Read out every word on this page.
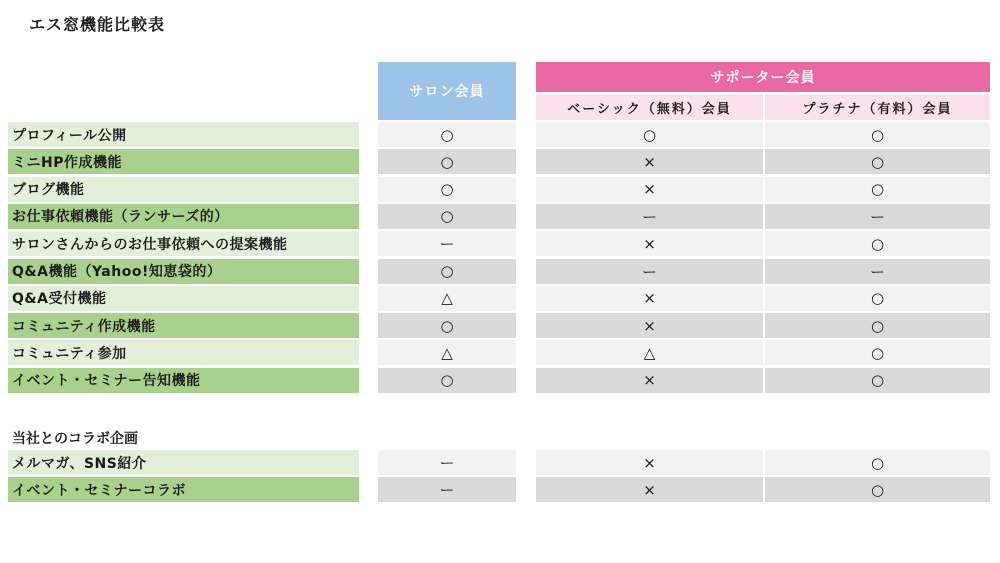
エス窓機能比較表
サロン会員
サポーター会員
ベーシック（無料）会員	プラチナ（有料）会員
プロフィール公開	○	○	○
ミニHP作成機能	○	×	○
ブログ機能	○	×	○
お仕事依頼機能（ランサーズ的）	○	ー	ー
サロンさんからのお仕事依頼への提案機能	ー	×	○
Q&A機能（Yahoo!知恵袋的）	○	ー	ー
Q&A受付機能	△	×	○
コミュニティ作成機能	○	×	○
コミュニティ参加	△	△	○
イベント・セミナー告知機能	○	×	○
当社とのコラボ企画
メルマガ、SNS紹介	ー	×	○
イベント・セミナーコラボ	ー	×	○
